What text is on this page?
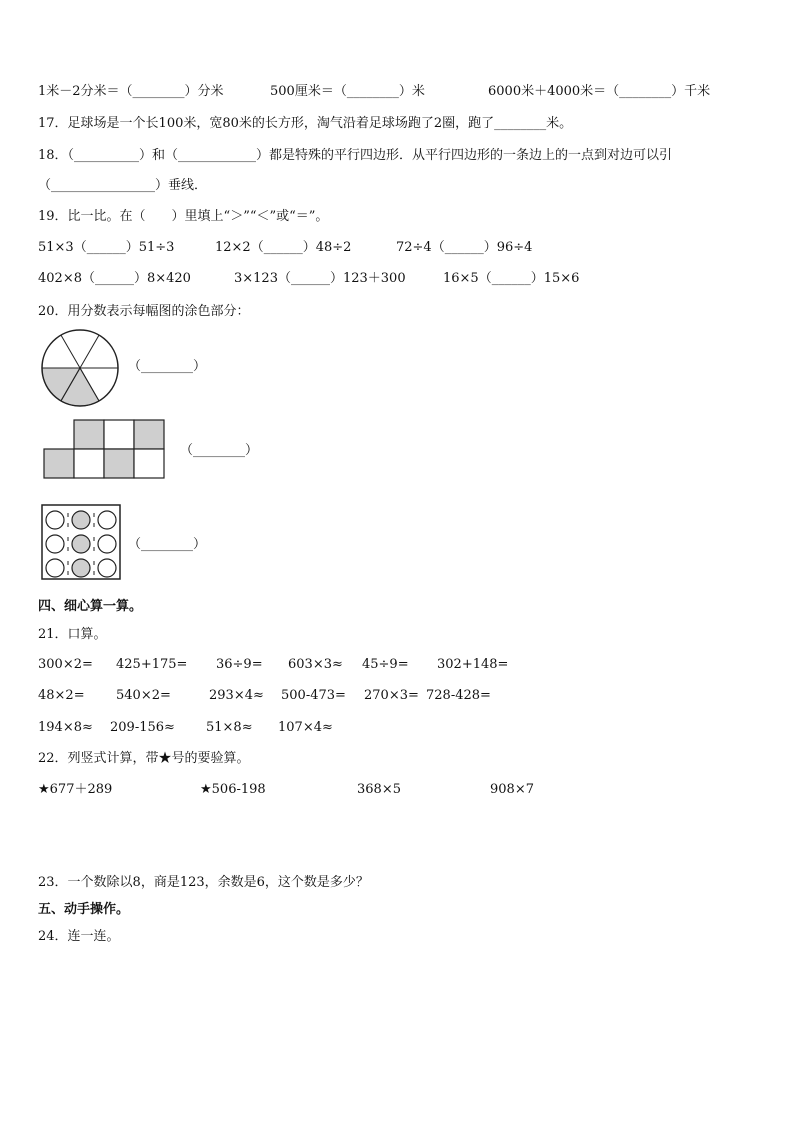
1米－2分米＝（________）分米	500厘米＝（________）米	6000米＋4000米＝（________）千米
17．足球场是一个长100米，宽80米的长方形，淘气沿着足球场跑了2圈，跑了________米。
18．（__________）和（____________）都是特殊的平行四边形．从平行四边形的一条边上的一点到对边可以引
（________________）垂线．
19．比一比。在（　　）里填上“＞”“＜”或“＝”。
51×3（______）51÷3	12×2（______）48÷2	72÷4（______）96÷4
402×8（______）8×420	3×123（______）123＋300	16×5（______）15×6
20．用分数表示每幅图的涂色部分：
（________）
（________）
（________）
四、细心算一算。
21．口算。
300×2= 425+175= 36÷9= 603×3≈ 45÷9= 302+148=
48×2= 540×2=	293×4≈ 500-473= 270×3= 728-428=
194×8≈ 209-156≈ 51×8≈ 107×4≈
22．列竖式计算，带★号的要验算。
★677＋289	★506-198	368×5	908×7
23．一个数除以8，商是123，余数是6，这个数是多少？
五、动手操作。
24．连一连。
